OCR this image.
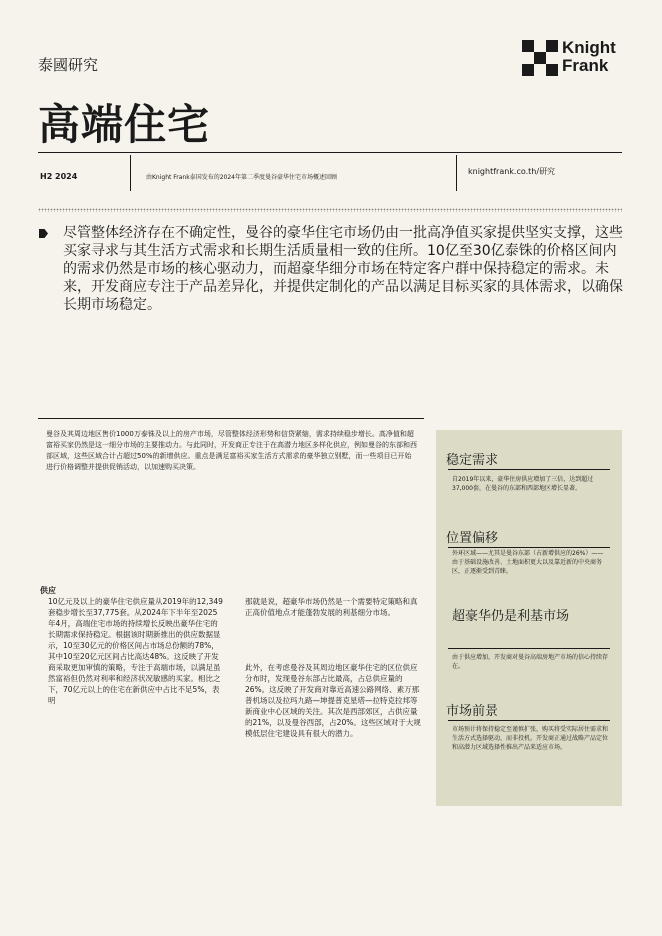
泰國研究
Knight
Frank
高端住宅
H2 2024	由Knight Frank泰国发布的2024年第二季度曼谷豪华住宅市场概述回顾
knightfrank.co.th/研究
尽管整体经济存在不确定性，曼谷的豪华住宅市场仍由一批高净值买家提供坚实支撑，这些买家寻求与其生活方式需求和长期生活质量相一致的住所。10亿至30亿泰铢的价格区间内的需求仍然是市场的核心驱动力，而超豪华细分市场在特定客户群中保持稳定的需求。未来，开发商应专注于产品差异化，并提供定制化的产品以满足目标买家的具体需求，以确保长期市场稳定。
曼谷及其周边地区售价1000万泰铢及以上的房产市场，尽管整体经济形势和信贷紧缩，需求持续稳步增长。高净值和超富裕买家仍然是这一细分市场的主要推动力。与此同时，开发商正专注于在高潜力地区多样化供应，例如曼谷的东部和西部区域，这些区域合计占超过50%的新增供应。重点是满足富裕买家生活方式需求的豪华独立别墅，而一些项目已开始进行价格调整并提供促销活动，以加速购买决策。	稳定需求
自2019年以来，豪华住房供应增加了三倍，达到超过37,000套，在曼谷的东部和西部地区增长显著。
位置偏移
外环区域——尤其是曼谷东部（占新增供应的26%）——由于基础设施改善、土地面积更大以及靠近新的中央商务区，正逐渐受到青睐。
超豪华仍是利基市场
由于供应增加，开发商对曼谷高端房地产市场的信心持续存在。
市场前景
市场预计将保持稳定至谨慎扩张，购买将受实际居住需求和生活方式选择驱动，而非投机。开发商正通过战略产品定位和高潜力区域选择性推出产品来适应市场。
供应
10亿元及以上的豪华住宅供应量从2019年的12,349套稳步增长至37,775套。从2024年下半年至2025年4月，高端住宅市场的持续增长反映出豪华住宅的长期需求保持稳定。根据该时期新推出的供应数据显示，10至30亿元的价格区间占市场总份额的78%，其中10至20亿元区间占比高达48%。这反映了开发商采取更加审慎的策略，专注于高端市场，以满足虽然富裕但仍然对利率和经济状况敏感的买家。相比之下，70亿元以上的住宅在新供应中占比不足5%，表明
那就是说，超豪华市场仍然是一个需要特定策略和真正高价值地点才能蓬勃发展的利基细分市场。
此外，在考虑曼谷及其周边地区豪华住宅的区位供应分布时，发现曼谷东部占比最高，占总供应量的26%。这反映了开发商对靠近高速公路网络、素万那普机场以及拉玛九路—坤提普克星塔—拉特克拉邦等新商业中心区域的关注。其次是西部郊区，占供应量的21%，以及曼谷西部，占20%。这些区域对于大规模低层住宅建设具有很大的潜力。
